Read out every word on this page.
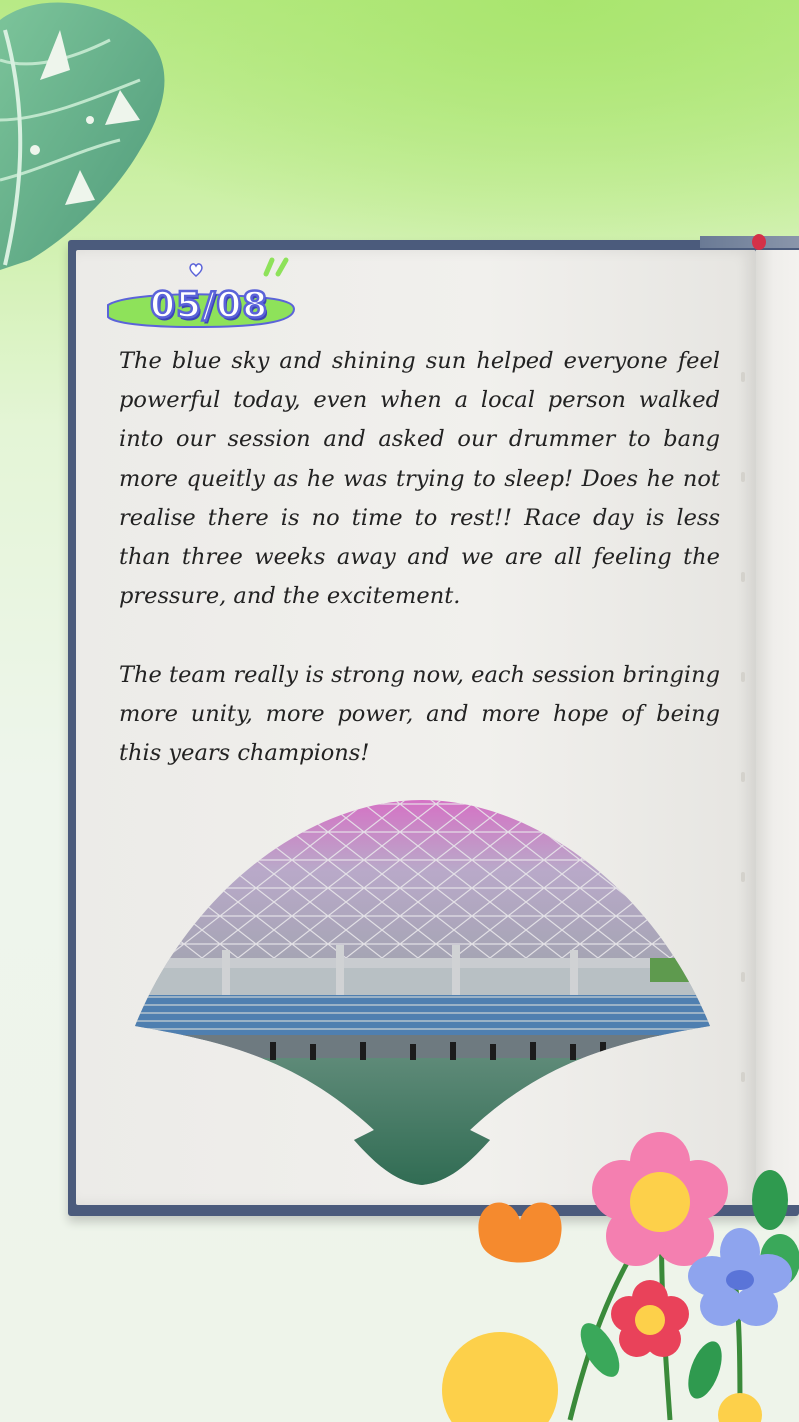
05/08

The blue sky and shining sun helped everyone feel powerful today, even when a local person walked into our session and asked our drummer to bang more queitly as he was trying to sleep! Does he not realise there is no time to rest!! Race day is less than three weeks away and we are all feeling the pressure, and the excitement.

The team really is strong now, each session bringing more unity, more power, and more hope of being this years champions!
